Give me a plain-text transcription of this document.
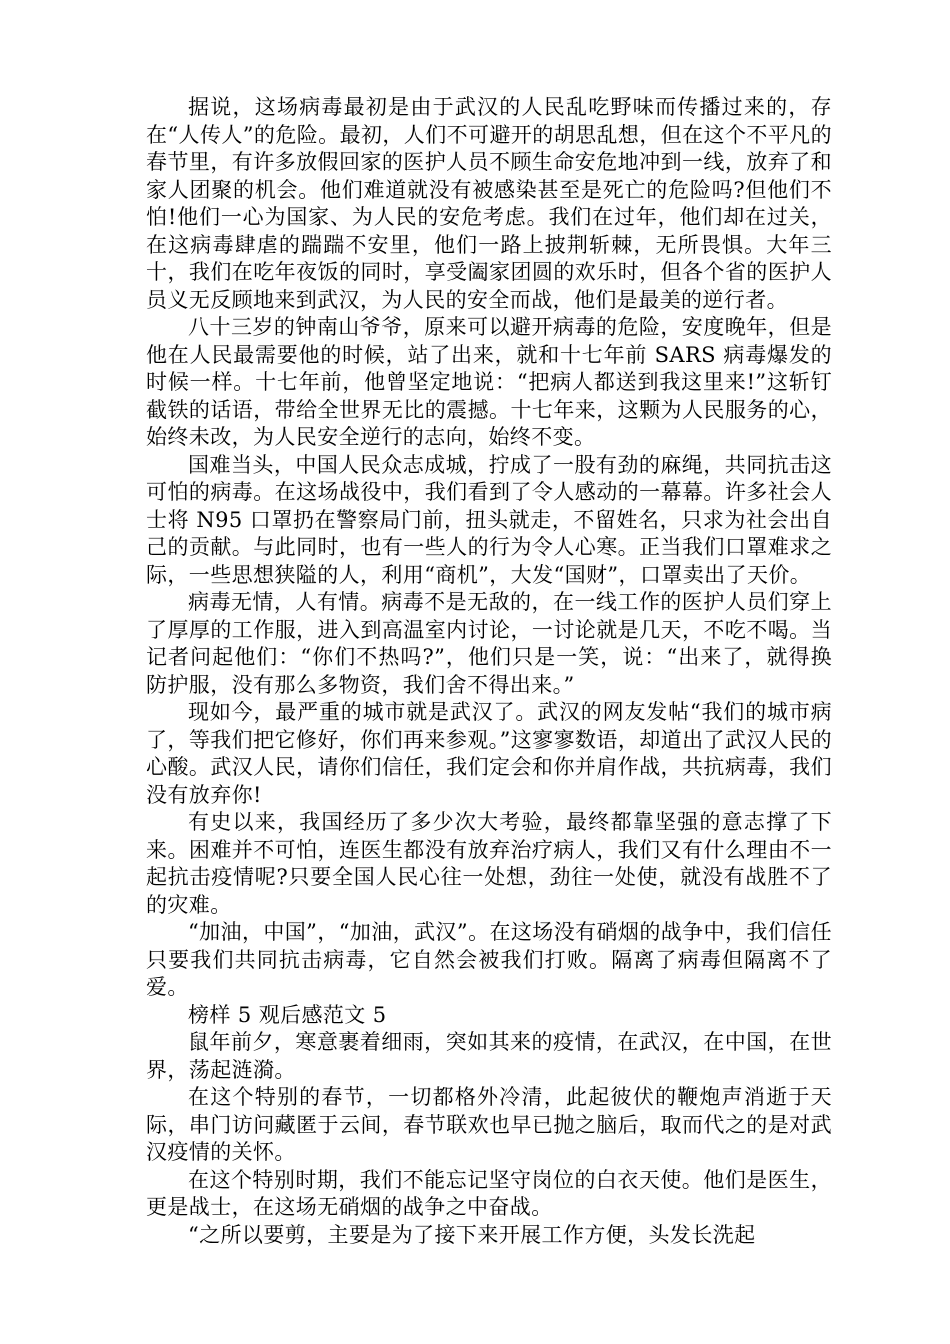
据说，这场病毒最初是由于武汉的人民乱吃野味而传播过来的，存在“人传人”的危险。最初，人们不可避开的胡思乱想，但在这个不平凡的春节里，有许多放假回家的医护人员不顾生命安危地冲到一线，放弃了和家人团聚的机会。他们难道就没有被感染甚至是死亡的危险吗?但他们不怕!他们一心为国家、为人民的安危考虑。我们在过年，他们却在过关，在这病毒肆虐的踹踹不安里，他们一路上披荆斩棘，无所畏惧。大年三十，我们在吃年夜饭的同时，享受阖家团圆的欢乐时，但各个省的医护人员义无反顾地来到武汉，为人民的安全而战，他们是最美的逆行者。

八十三岁的钟南山爷爷，原来可以避开病毒的危险，安度晚年，但是他在人民最需要他的时候，站了出来，就和十七年前 SARS 病毒爆发的时候一样。十七年前，他曾坚定地说：“把病人都送到我这里来!”这斩钉截铁的话语，带给全世界无比的震撼。十七年来，这颗为人民服务的心，始终未改，为人民安全逆行的志向，始终不变。

国难当头，中国人民众志成城，拧成了一股有劲的麻绳，共同抗击这可怕的病毒。在这场战役中，我们看到了令人感动的一幕幕。许多社会人士将 N95 口罩扔在警察局门前，扭头就走，不留姓名，只求为社会出自己的贡献。与此同时，也有一些人的行为令人心寒。正当我们口罩难求之际，一些思想狭隘的人，利用“商机”，大发“国财”，口罩卖出了天价。

病毒无情，人有情。病毒不是无敌的，在一线工作的医护人员们穿上了厚厚的工作服，进入到高温室内讨论，一讨论就是几天，不吃不喝。当记者问起他们：“你们不热吗?”，他们只是一笑，说：“出来了，就得换防护服，没有那么多物资，我们舍不得出来。”

现如今，最严重的城市就是武汉了。武汉的网友发帖“我们的城市病了，等我们把它修好，你们再来参观。”这寥寥数语，却道出了武汉人民的心酸。武汉人民，请你们信任，我们定会和你并肩作战，共抗病毒，我们没有放弃你!

有史以来，我国经历了多少次大考验，最终都靠坚强的意志撑了下来。困难并不可怕，连医生都没有放弃治疗病人，我们又有什么理由不一起抗击疫情呢?只要全国人民心往一处想，劲往一处使，就没有战胜不了的灾难。

“加油，中国”，“加油，武汉”。在这场没有硝烟的战争中，我们信任只要我们共同抗击病毒，它自然会被我们打败。隔离了病毒但隔离不了爱。

榜样 5 观后感范文 5

鼠年前夕，寒意裹着细雨，突如其来的疫情，在武汉，在中国，在世界，荡起涟漪。

在这个特别的春节，一切都格外冷清，此起彼伏的鞭炮声消逝于天际，串门访问藏匿于云间，春节联欢也早已抛之脑后，取而代之的是对武汉疫情的关怀。

在这个特别时期，我们不能忘记坚守岗位的白衣天使。他们是医生，更是战士，在这场无硝烟的战争之中奋战。

“之所以要剪，主要是为了接下来开展工作方便，头发长洗起
